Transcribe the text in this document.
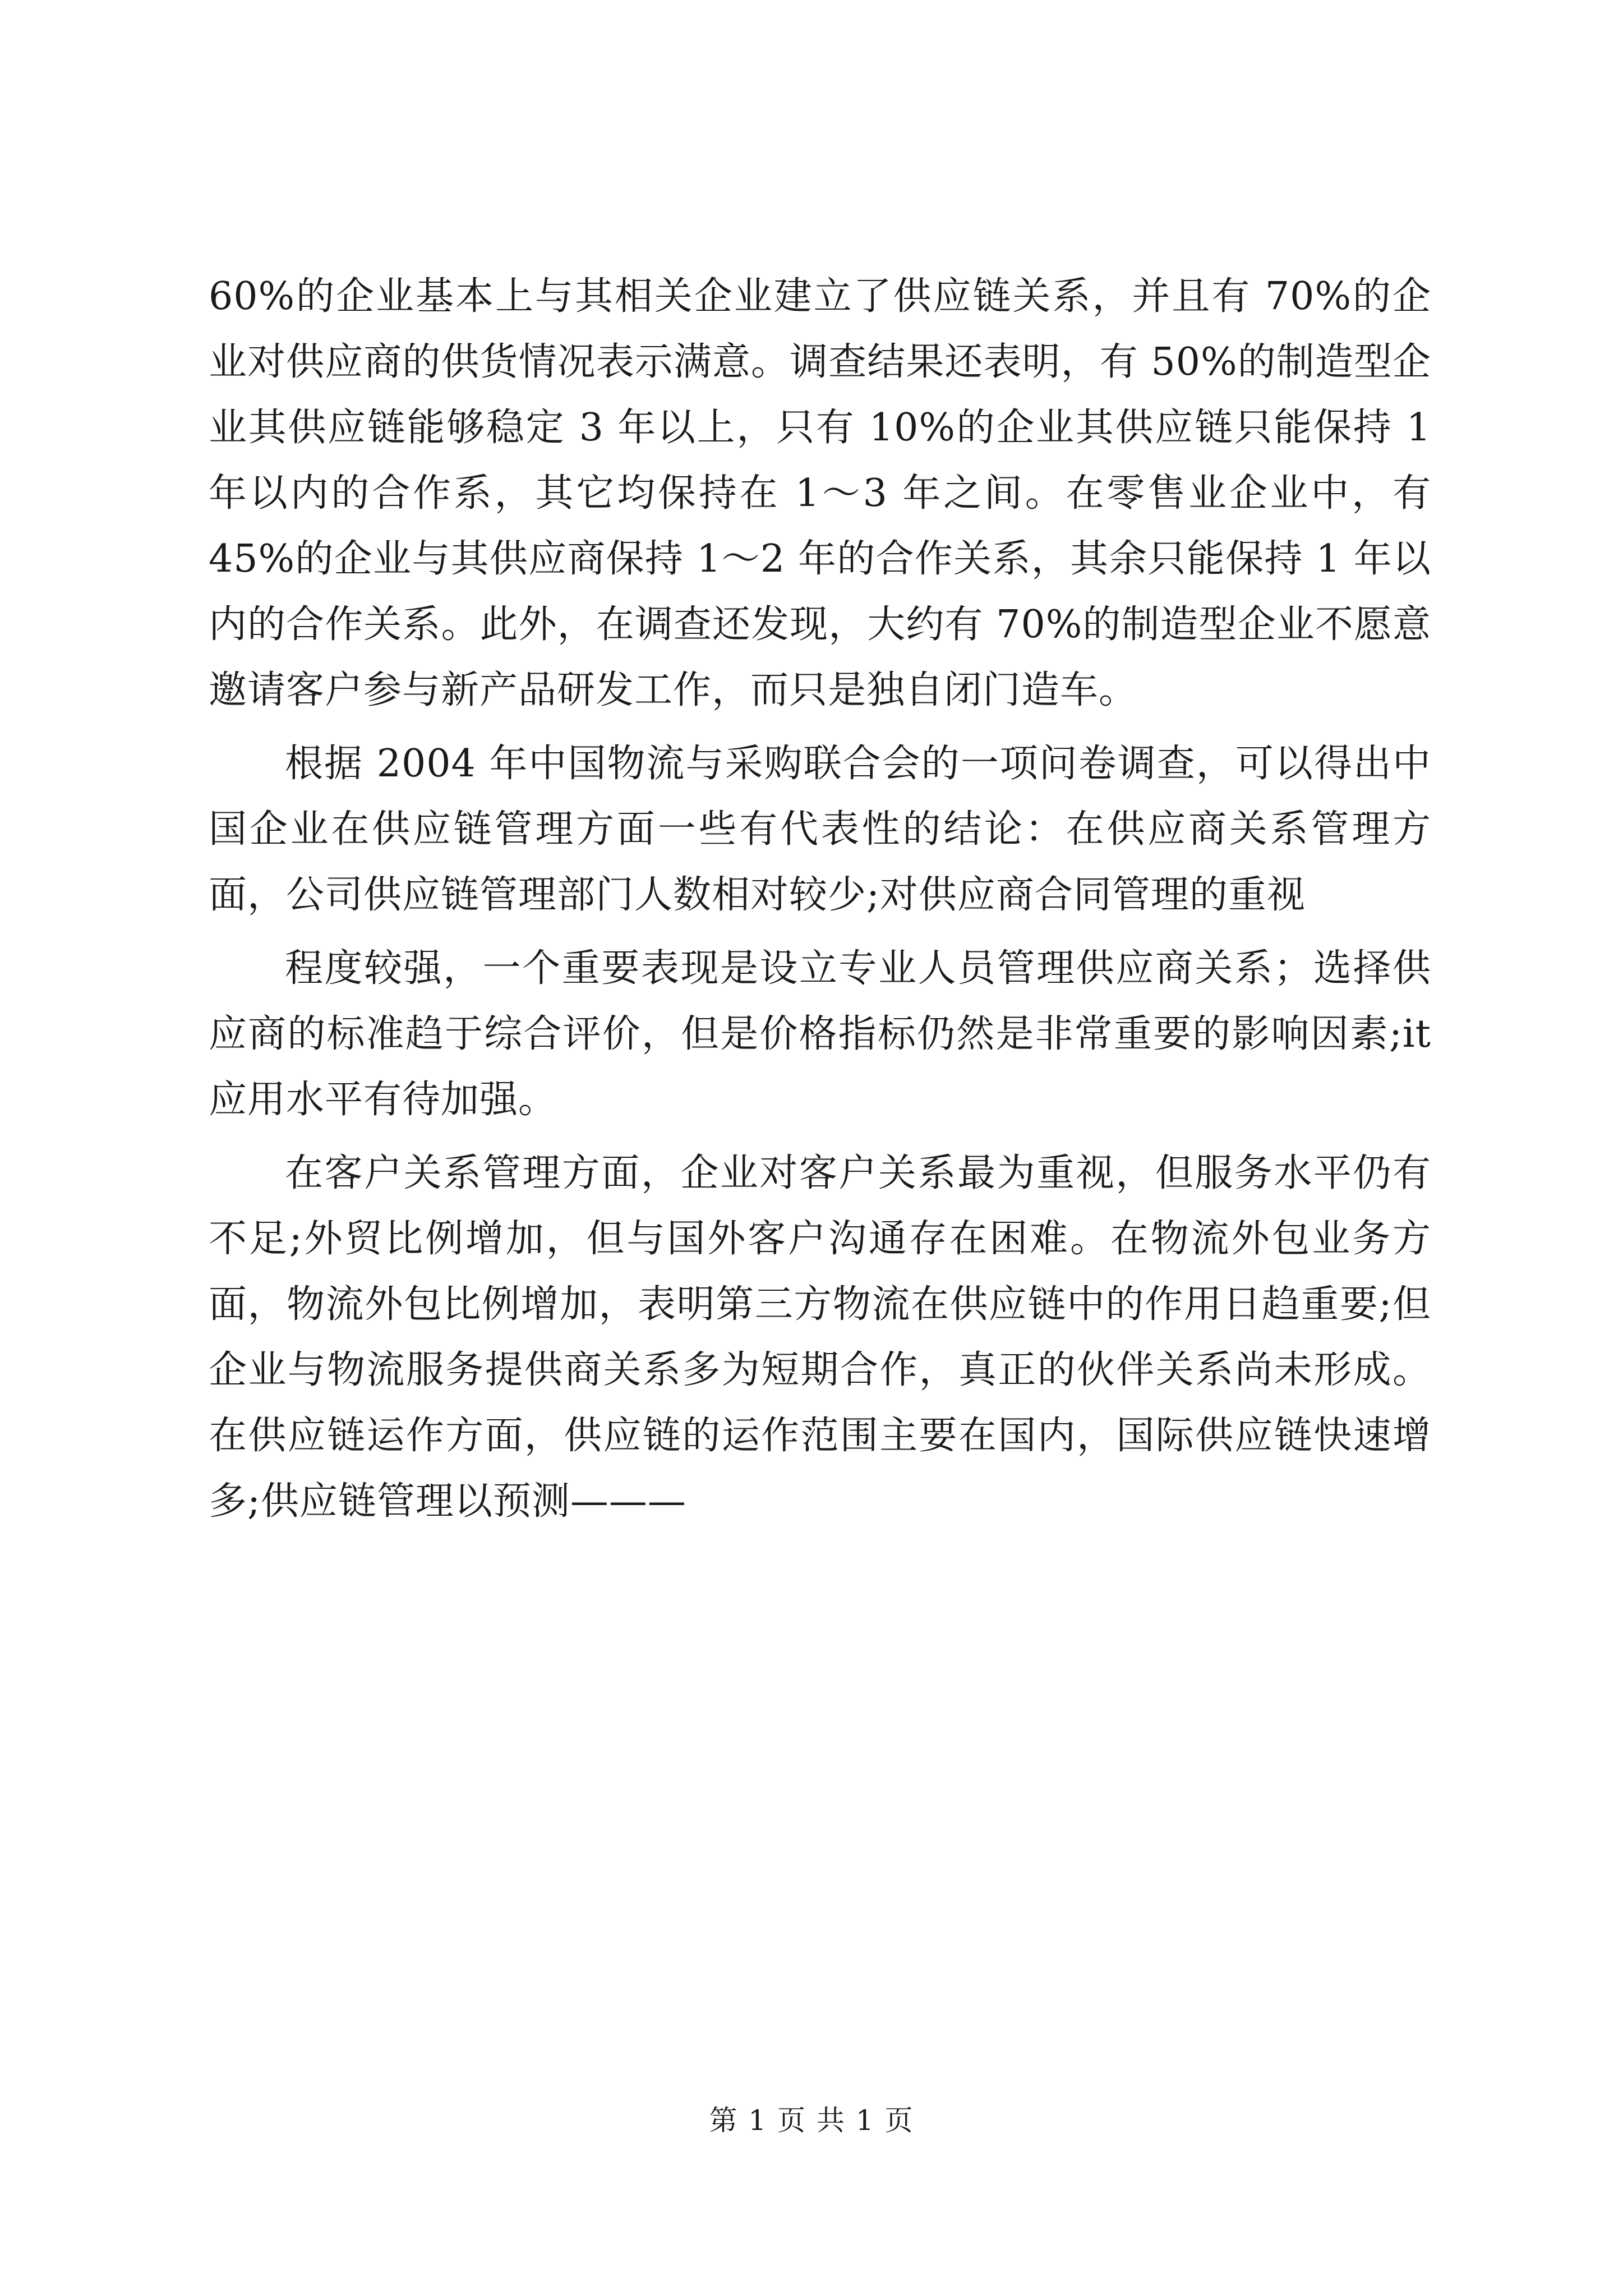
60%的企业基本上与其相关企业建立了供应链关系，并且有 70%的企业对供应商的供货情况表示满意。调查结果还表明，有 50%的制造型企业其供应链能够稳定 3 年以上，只有 10%的企业其供应链只能保持 1 年以内的合作系，其它均保持在 1～3 年之间。在零售业企业中，有 45%的企业与其供应商保持 1～2 年的合作关系，其余只能保持 1 年以内的合作关系。此外，在调查还发现，大约有 70%的制造型企业不愿意邀请客户参与新产品研发工作，而只是独自闭门造车。

根据 2004 年中国物流与采购联合会的一项问卷调查，可以得出中国企业在供应链管理方面一些有代表性的结论：在供应商关系管理方面，公司供应链管理部门人数相对较少;对供应商合同管理的重视

程度较强，一个重要表现是设立专业人员管理供应商关系；选择供应商的标准趋于综合评价，但是价格指标仍然是非常重要的影响因素;it 应用水平有待加强。

在客户关系管理方面，企业对客户关系最为重视，但服务水平仍有不足;外贸比例增加，但与国外客户沟通存在困难。在物流外包业务方面，物流外包比例增加，表明第三方物流在供应链中的作用日趋重要;但企业与物流服务提供商关系多为短期合作，真正的伙伴关系尚未形成。在供应链运作方面，供应链的运作范围主要在国内，国际供应链快速增多;供应链管理以预测———

第 1 页 共 1 页
